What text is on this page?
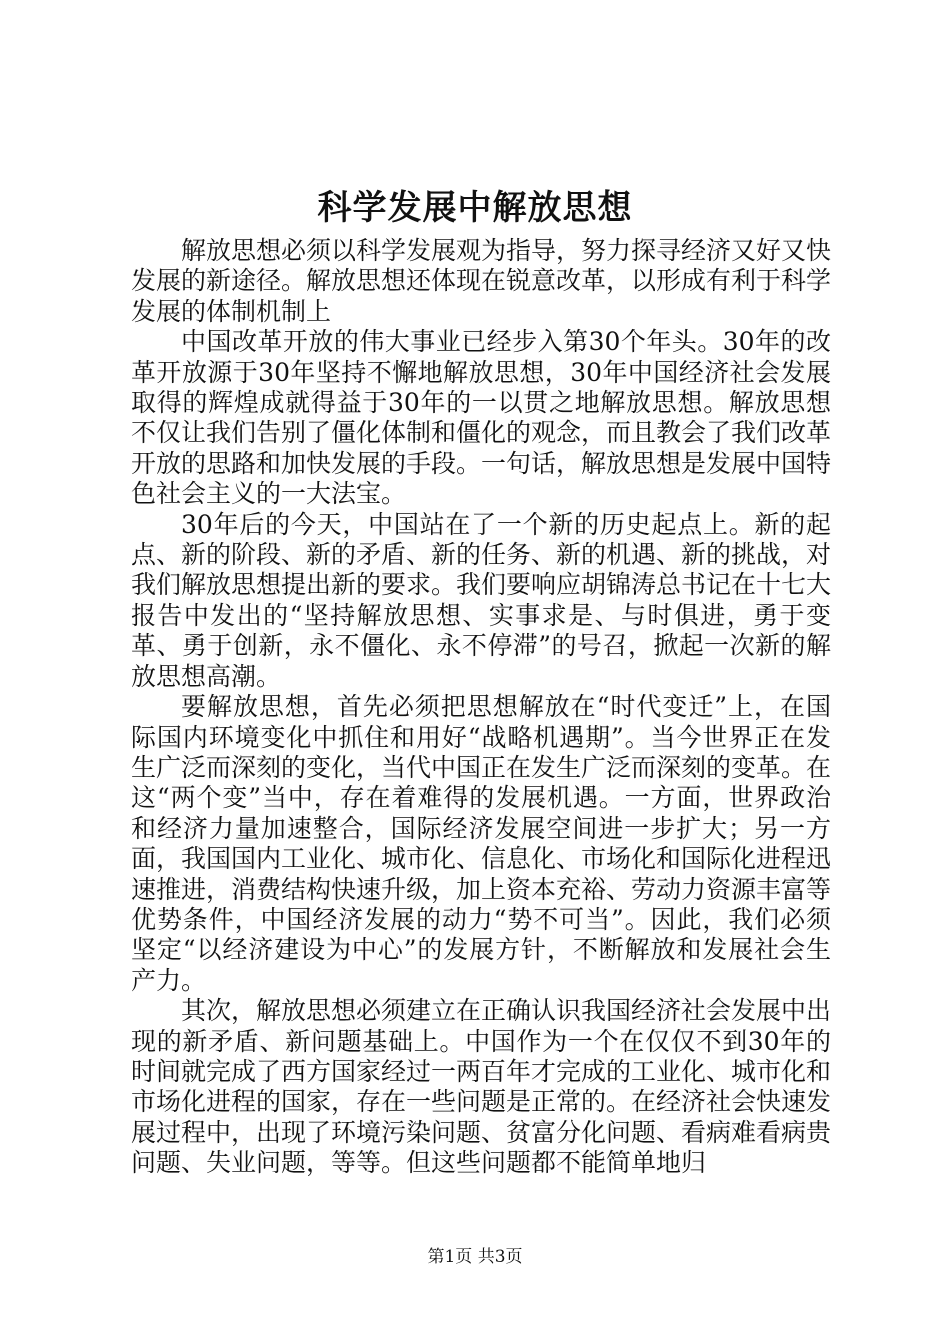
科学发展中解放思想

解放思想必须以科学发展观为指导，努力探寻经济又好又快发展的新途径。解放思想还体现在锐意改革，以形成有利于科学发展的体制机制上

中国改革开放的伟大事业已经步入第30个年头。30年的改革开放源于30年坚持不懈地解放思想，30年中国经济社会发展取得的辉煌成就得益于30年的一以贯之地解放思想。解放思想不仅让我们告别了僵化体制和僵化的观念，而且教会了我们改革开放的思路和加快发展的手段。一句话，解放思想是发展中国特色社会主义的一大法宝。

30年后的今天，中国站在了一个新的历史起点上。新的起点、新的阶段、新的矛盾、新的任务、新的机遇、新的挑战，对我们解放思想提出新的要求。我们要响应胡锦涛总书记在十七大报告中发出的“坚持解放思想、实事求是、与时俱进，勇于变革、勇于创新，永不僵化、永不停滞”的号召，掀起一次新的解放思想高潮。

要解放思想，首先必须把思想解放在“时代变迁”上，在国际国内环境变化中抓住和用好“战略机遇期”。当今世界正在发生广泛而深刻的变化，当代中国正在发生广泛而深刻的变革。在这“两个变”当中，存在着难得的发展机遇。一方面，世界政治和经济力量加速整合，国际经济发展空间进一步扩大；另一方面，我国国内工业化、城市化、信息化、市场化和国际化进程迅速推进，消费结构快速升级，加上资本充裕、劳动力资源丰富等优势条件，中国经济发展的动力“势不可当”。因此，我们必须坚定“以经济建设为中心”的发展方针，不断解放和发展社会生产力。

其次，解放思想必须建立在正确认识我国经济社会发展中出现的新矛盾、新问题基础上。中国作为一个在仅仅不到30年的时间就完成了西方国家经过一两百年才完成的工业化、城市化和市场化进程的国家，存在一些问题是正常的。在经济社会快速发展过程中，出现了环境污染问题、贫富分化问题、看病难看病贵问题、失业问题，等等。但这些问题都不能简单地归

第1页 共3页
